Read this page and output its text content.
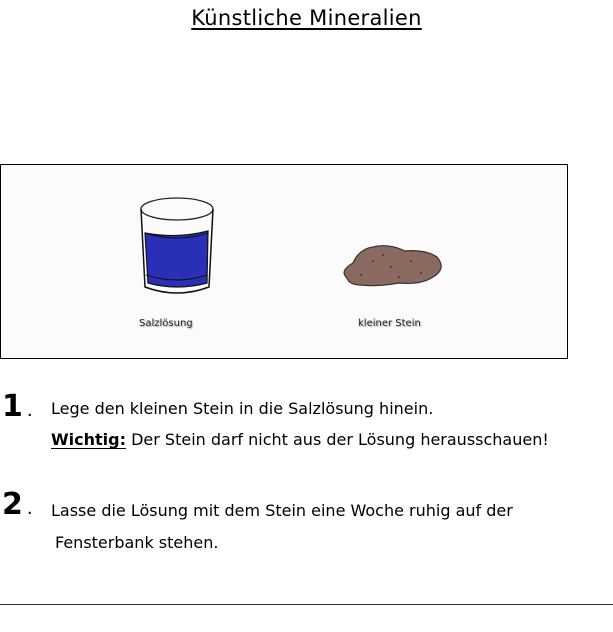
Künstliche Mineralien
Salzlösung	kleiner Stein
1 . Lege den kleinen Stein in die Salzlösung hinein.
Wichtig: Der Stein darf nicht aus der Lösung herausschauen!
2 . Lasse die Lösung mit dem Stein eine Woche ruhig auf der
Fensterbank stehen.
